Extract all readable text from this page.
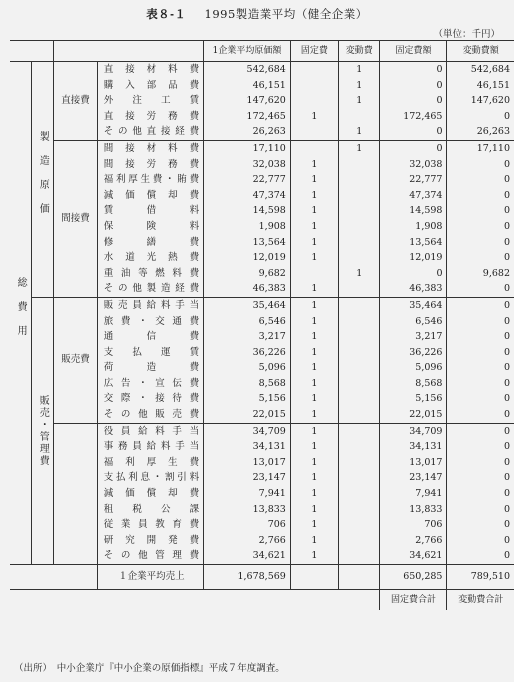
表８-１ 1995製造業平均（健全企業）
（単位：千円）
				1企業平均原価額	固定費	変動費	固定費額	変動費額
総費用	製造原価	直接費	直接材料費	542,684		1	0	542,684
			購入部品費	46,151		1	0	46,151
			外注工賃	147,620		1	0	147,620
			直接労務費	172,465	1		172,465	0
			その他直接経費	26,263		1	0	26,263
		間接費	間接材料費	17,110		1	0	17,110
			間接労務費	32,038	1		32,038	0
			福利厚生費・賄費	22,777	1		22,777	0
			減価償却費	47,374	1		47,374	0
			賃借料	14,598	1		14,598	0
			保険料	1,908	1		1,908	0
			修繕費	13,564	1		13,564	0
			水道光熱費	12,019	1		12,019	0
			重油等燃料費	9,682		1	0	9,682
			その他製造経費	46,383	1		46,383	0
	販売・管理費	販売費	販売員給料手当	35,464	1		35,464	0
			旅費・交通費	6,546	1		6,546	0
			通信費	3,217	1		3,217	0
			支払運賃	36,226	1		36,226	0
			荷造費	5,096	1		5,096	0
			広告・宣伝費	8,568	1		8,568	0
			交際・接待費	5,156	1		5,156	0
			その他販売費	22,015	1		22,015	0
			役員給料手当	34,709	1		34,709	0
			事務員給料手当	34,131	1		34,131	0
			福利厚生費	13,017	1		13,017	0
			支払利息・割引料	23,147	1		23,147	0
			減価償却費	7,941	1		7,941	0
			租税公課	13,833	1		13,833	0
			従業員教育費	706	1		706	0
			研究開発費	2,766	1		2,766	0
			その他管理費	34,621	1		34,621	0
			１企業平均売上	1,678,569			650,285	789,510
							固定費合計	変動費合計
（出所）　中小企業庁『中小企業の原価指標』平成７年度調査。
